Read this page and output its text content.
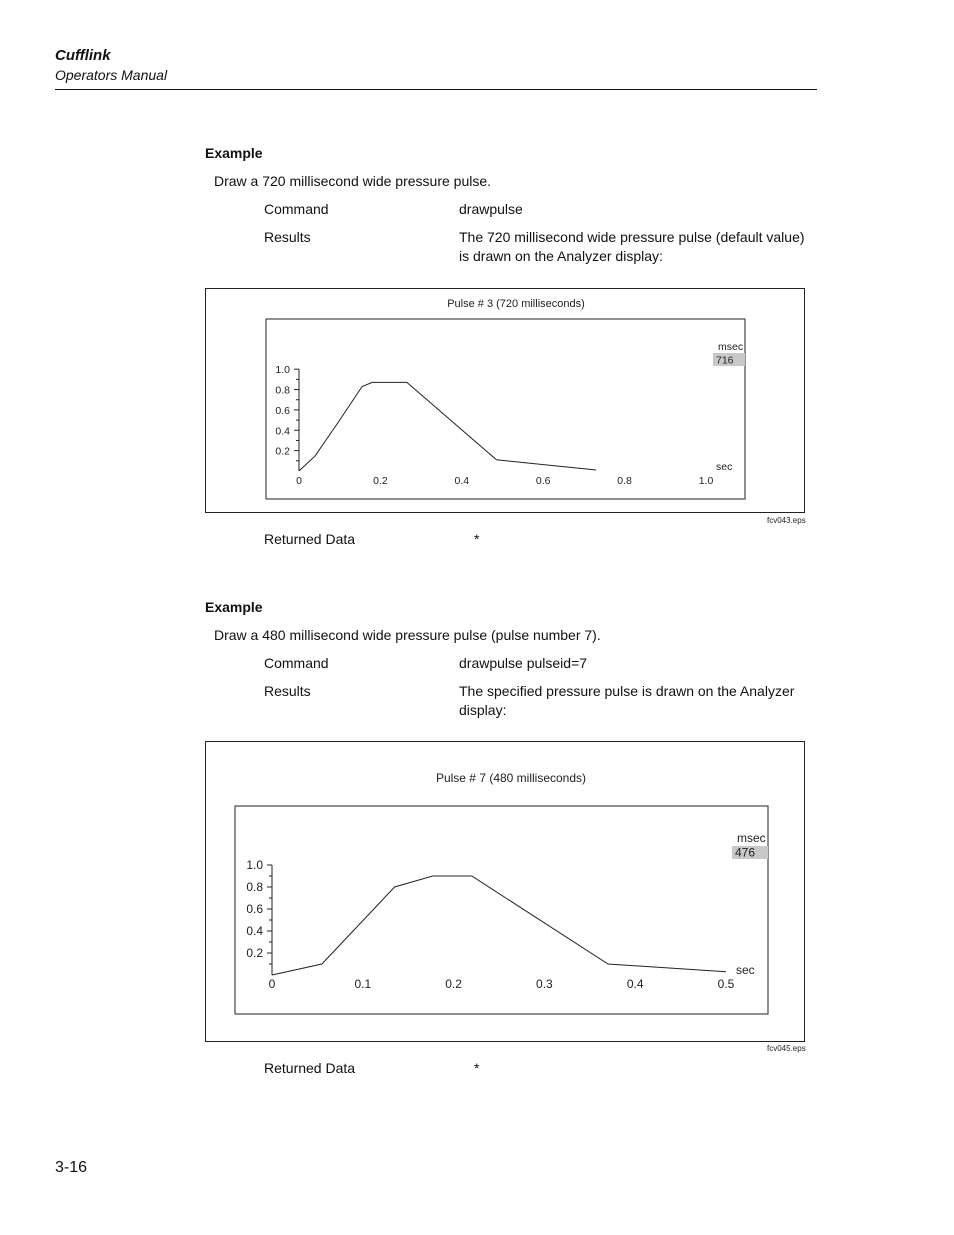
Cufflink
Operators Manual
Example
Draw a 720 millisecond wide pressure pulse.
Command	drawpulse
Results	The 720 millisecond wide pressure pulse (default value)
is drawn on the Analyzer display:
Pulse # 3 (720 milliseconds)
1.0
0.8
0.6
0.4
0.2
0	0.2	0.4	0.6	0.8	1.0
sec
msec
716
fcv043.eps
Returned Data	*
Example
Draw a 480 millisecond wide pressure pulse (pulse number 7).
Command	drawpulse pulseid=7
Results	The specified pressure pulse is drawn on the Analyzer
display:
Pulse # 7 (480 milliseconds)
1.0
0.8
0.6
0.4
0.2
0	0.1	0.2	0.3	0.4	0.5
sec
msec
476
fcv045.eps
Returned Data	*
3-16
